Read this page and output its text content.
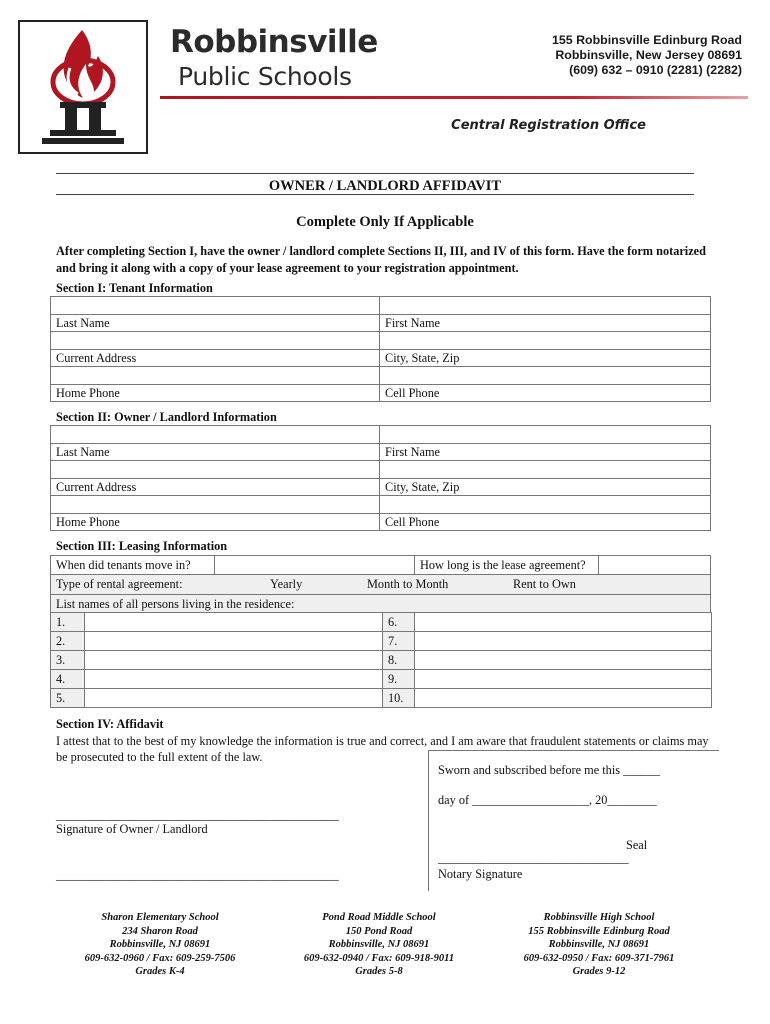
Robbinsville
Public Schools
155 Robbinsville Edinburg Road
Robbinsville, New Jersey 08691
(609) 632 – 0910 (2281) (2282)
Central Registration Office
OWNER / LANDLORD AFFIDAVIT
Complete Only If Applicable
After completing Section I, have the owner / landlord complete Sections II, III, and IV of this form. Have the form notarized and bring it along with a copy of your lease agreement to your registration appointment.
Section I: Tenant Information

Last Name	First Name

Current Address	City, State, Zip

Home Phone	Cell Phone
Section II: Owner / Landlord Information

Last Name	First Name

Current Address	City, State, Zip

Home Phone	Cell Phone
Section III: Leasing Information
When did tenants move in?		How long is the lease agreement?	
Type of rental agreement:	Yearly	Month to Month	Rent to Own
List names of all persons living in the residence:
1.		6.	
2.		7.	
3.		8.	
4.		9.	
5.		10.	
Section IV: Affidavit
I attest that to the best of my knowledge the information is true and correct, and I am aware that fraudulent statements or claims may be prosecuted to the full extent of the law.
Sworn and subscribed before me this ______
day of ___________________, 20________
______________________________________________
Signature of Owner / Landlord
Seal
_______________________________
______________________________________________	Notary Signature
Sharon Elementary School
234 Sharon Road
Robbinsville, NJ 08691
609-632-0960 / Fax: 609-259-7506
Grades K-4
Pond Road Middle School
150 Pond Road
Robbinsville, NJ 08691
609-632-0940 / Fax: 609-918-9011
Grades 5-8
Robbinsville High School
155 Robbinsville Edinburg Road
Robbinsville, NJ 08691
609-632-0950 / Fax: 609-371-7961
Grades 9-12
